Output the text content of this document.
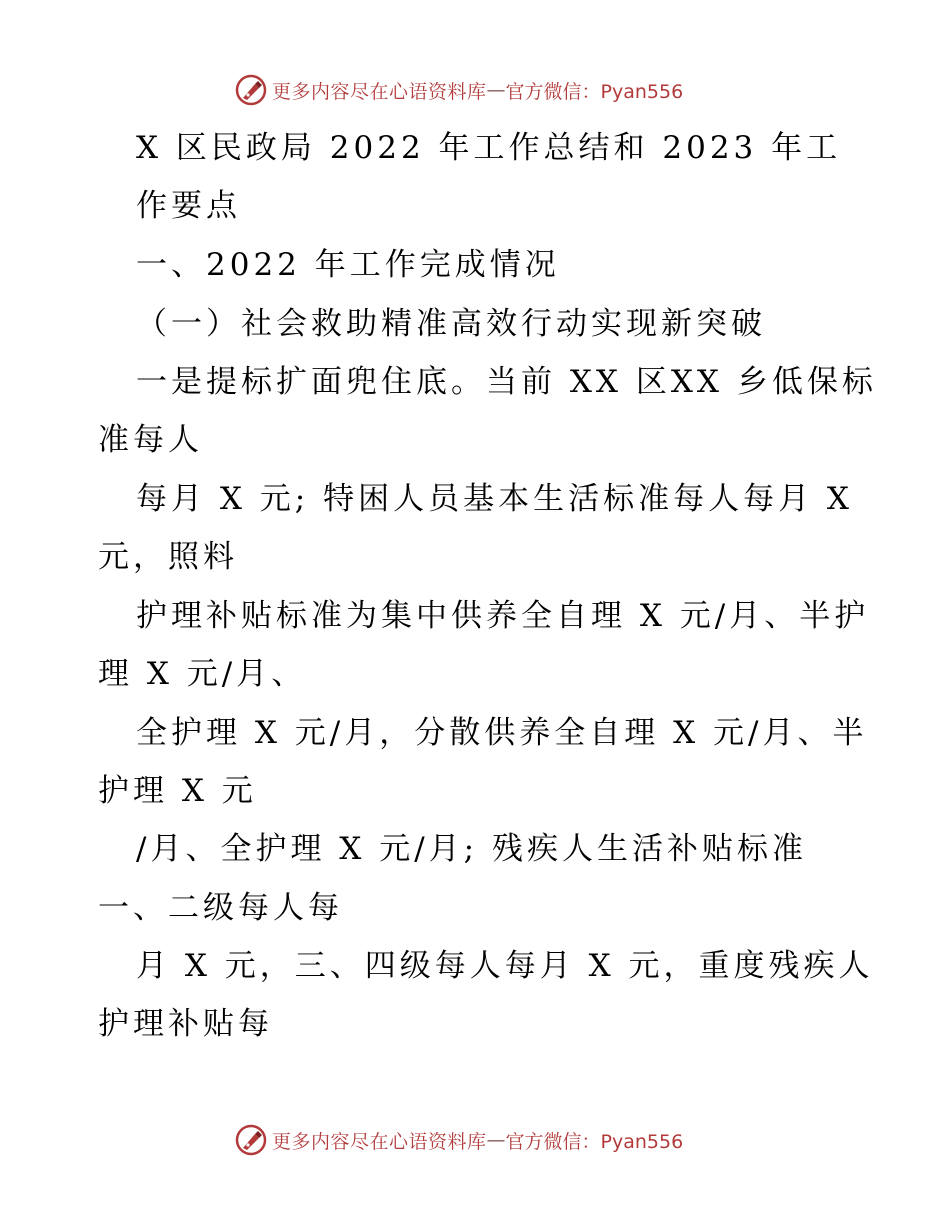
更多内容尽在心语资料库 — 官方微信：Pyan556
X 区民政局 2022 年工作总结和 2023 年工
作要点
一、2022 年工作完成情况
（一）社会救助精准高效行动实现新突破
一是提标扩面兜住底。当前 XX 区XX 乡低保标
准每人
每月 X 元; 特困人员基本生活标准每人每月 X
元，照料
护理补贴标准为集中供养全自理 X 元/月、半护
理 X 元/月、
全护理 X 元/月，分散供养全自理 X 元/月、半
护理 X 元
/月、全护理 X 元/月; 残疾人生活补贴标准
一、二级每人每
月 X 元，三、四级每人每月 X 元，重度残疾人
护理补贴每
更多内容尽在心语资料库 — 官方微信：Pyan556
